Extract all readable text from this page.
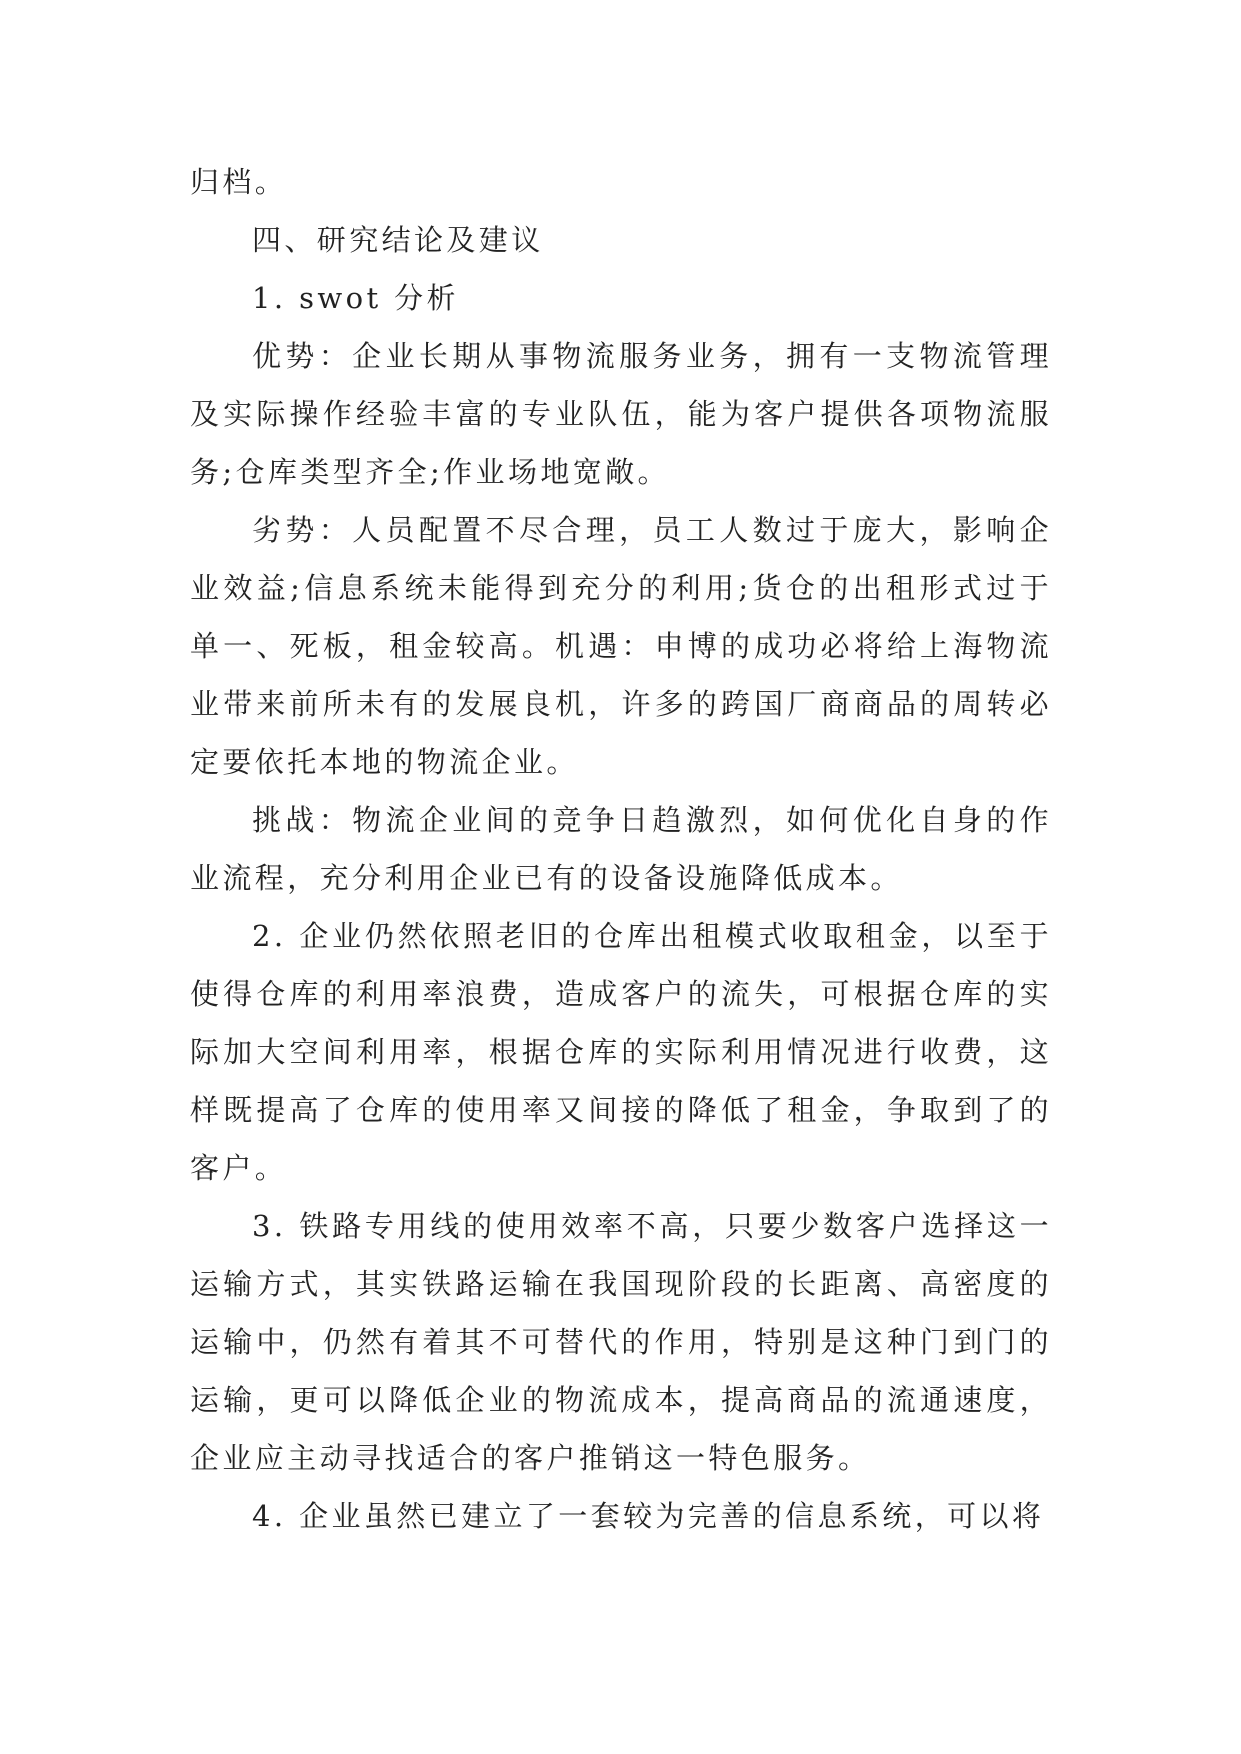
归档。

四、研究结论及建议

1. swot 分析

优势：企业长期从事物流服务业务，拥有一支物流管理及实际操作经验丰富的专业队伍，能为客户提供各项物流服务;仓库类型齐全;作业场地宽敞。

劣势：人员配置不尽合理，员工人数过于庞大，影响企业效益;信息系统未能得到充分的利用;货仓的出租形式过于单一、死板，租金较高。机遇：申博的成功必将给上海物流业带来前所未有的发展良机，许多的跨国厂商商品的周转必定要依托本地的物流企业。

挑战：物流企业间的竞争日趋激烈，如何优化自身的作业流程，充分利用企业已有的设备设施降低成本。

2. 企业仍然依照老旧的仓库出租模式收取租金，以至于使得仓库的利用率浪费，造成客户的流失，可根据仓库的实际加大空间利用率，根据仓库的实际利用情况进行收费，这样既提高了仓库的使用率又间接的降低了租金，争取到了的客户。

3. 铁路专用线的使用效率不高，只要少数客户选择这一运输方式，其实铁路运输在我国现阶段的长距离、高密度的运输中，仍然有着其不可替代的作用，特别是这种门到门的运输，更可以降低企业的物流成本，提高商品的流通速度，企业应主动寻找适合的客户推销这一特色服务。

4. 企业虽然已建立了一套较为完善的信息系统，可以将
